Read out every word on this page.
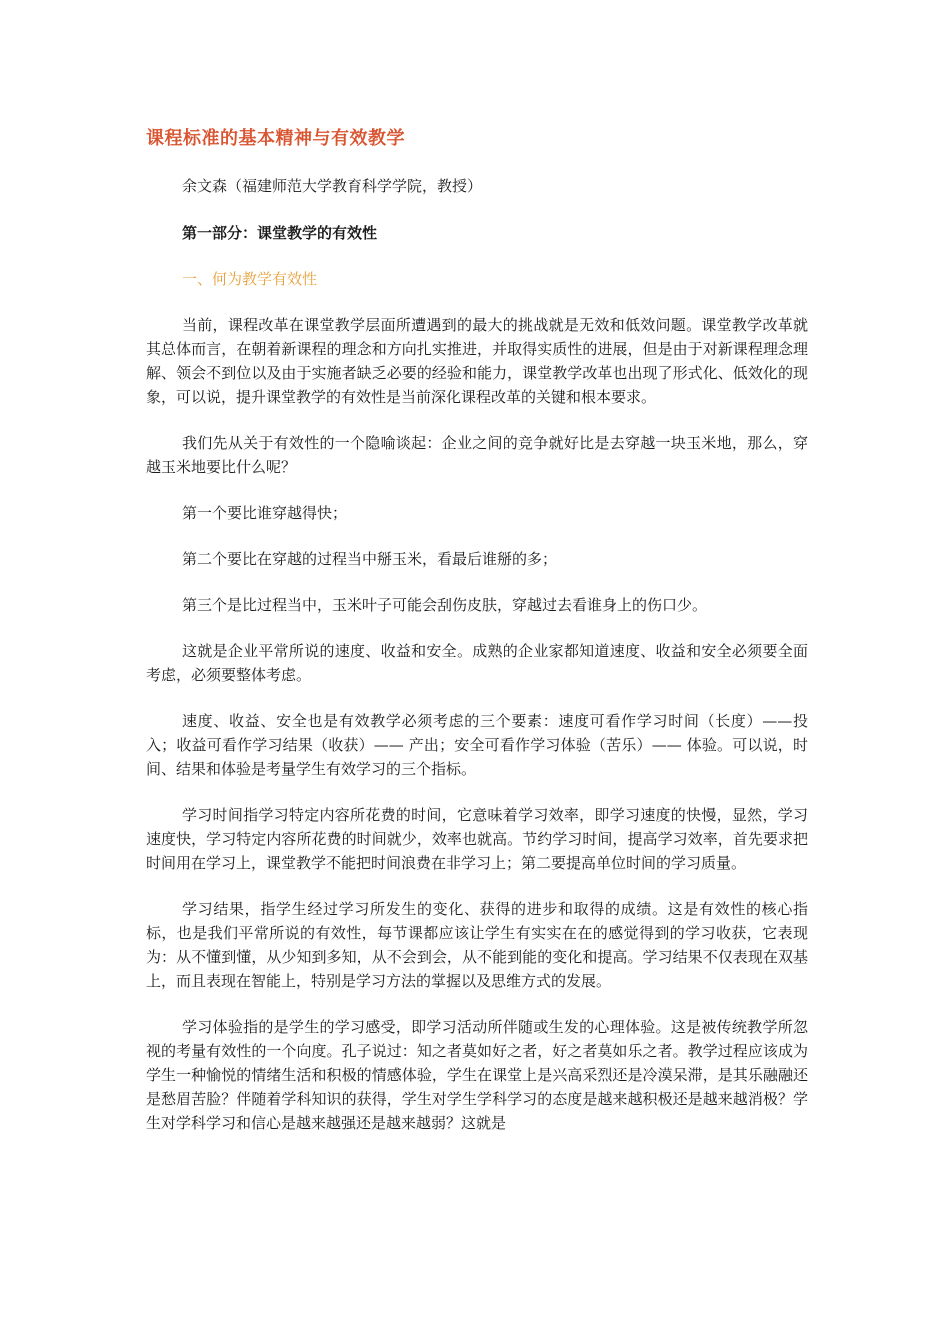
课程标准的基本精神与有效教学
余文森（福建师范大学教育科学学院，教授）
第一部分：课堂教学的有效性
一、何为教学有效性

当前，课程改革在课堂教学层面所遭遇到的最大的挑战就是无效和低效问题。课堂教学改革就其总体而言，在朝着新课程的理念和方向扎实推进，并取得实质性的进展，但是由于对新课程理念理解、领会不到位以及由于实施者缺乏必要的经验和能力，课堂教学改革也出现了形式化、低效化的现象，可以说，提升课堂教学的有效性是当前深化课程改革的关键和根本要求。

我们先从关于有效性的一个隐喻谈起：企业之间的竞争就好比是去穿越一块玉米地，那么，穿越玉米地要比什么呢？

第一个要比谁穿越得快；

第二个要比在穿越的过程当中掰玉米，看最后谁掰的多；

第三个是比过程当中，玉米叶子可能会刮伤皮肤，穿越过去看谁身上的伤口少。

这就是企业平常所说的速度、收益和安全。成熟的企业家都知道速度、收益和安全必须要全面考虑，必须要整体考虑。

速度、收益、安全也是有效教学必须考虑的三个要素：速度可看作学习时间（长度）——投入；收益可看作学习结果（收获）—— 产出；安全可看作学习体验（苦乐）—— 体验。可以说，时间、结果和体验是考量学生有效学习的三个指标。

学习时间指学习特定内容所花费的时间，它意味着学习效率，即学习速度的快慢，显然，学习速度快，学习特定内容所花费的时间就少，效率也就高。节约学习时间，提高学习效率，首先要求把时间用在学习上，课堂教学不能把时间浪费在非学习上；第二要提高单位时间的学习质量。

学习结果，指学生经过学习所发生的变化、获得的进步和取得的成绩。这是有效性的核心指标，也是我们平常所说的有效性，每节课都应该让学生有实实在在的感觉得到的学习收获，它表现为：从不懂到懂，从少知到多知，从不会到会，从不能到能的变化和提高。学习结果不仅表现在双基上，而且表现在智能上，特别是学习方法的掌握以及思维方式的发展。

学习体验指的是学生的学习感受，即学习活动所伴随或生发的心理体验。这是被传统教学所忽视的考量有效性的一个向度。孔子说过：知之者莫如好之者，好之者莫如乐之者。教学过程应该成为学生一种愉悦的情绪生活和积极的情感体验，学生在课堂上是兴高采烈还是冷漠呆滞，是其乐融融还是愁眉苦脸？伴随着学科知识的获得，学生对学生学科学习的态度是越来越积极还是越来越消极？学生对学科学习和信心是越来越强还是越来越弱？这就是
